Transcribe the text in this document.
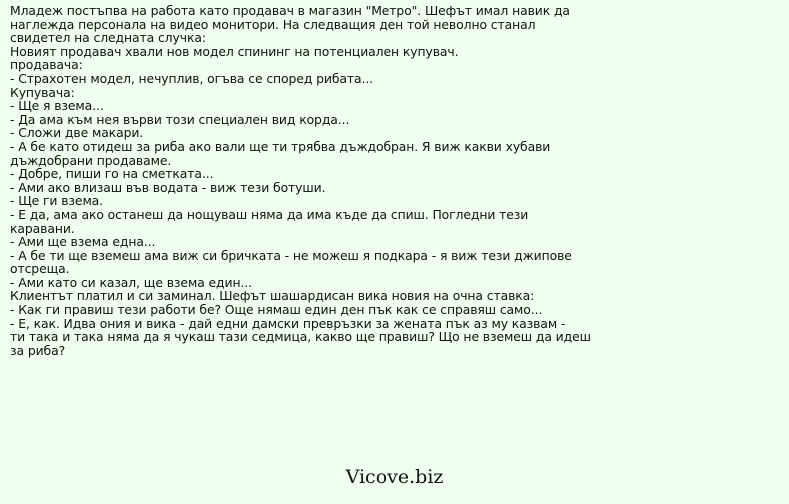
Младеж постъпва на работа като продавач в магазин "Метро". Шефът имал навик да
наглежда персонала на видео монитори. На следващия ден той неволно станал
свидетел на следната случка:
Новият продавач хвали нов модел спининг на потенциален купувач.
продавача:
- Страхотен модел, нечуплив, огъва се според рибата...
Купувача:
- Ще я взема...
- Да ама към нея върви този специален вид корда...
- Сложи две макари.
- А бе като отидеш за риба ако вали ще ти трябва дъждобран. Я виж какви хубави
дъждобрани продаваме.
- Добре, пиши го на сметката...
- Ами ако влизаш във водата - виж тези ботуши.
- Ще ги взема.
- Е да, ама ако останеш да нощуваш няма да има къде да спиш. Погледни тези
каравани.
- Ами ще взема една...
- А бе ти ще вземеш ама виж си бричката - не можеш я подкара - я виж тези джипове
отсреща.
- Ами като си казал, ще взема един...
Клиентът платил и си заминал. Шефът шашардисан вика новия на очна ставка:
- Как ги правиш тези работи бе? Още нямаш един ден пък как се справяш само...
- Е, как. Идва ония и вика - дай едни дамски превръзки за жената пък аз му казвам -
ти така и така няма да я чукаш тази седмица, какво ще правиш? Що не вземеш да идеш
за риба?
Vicove.biz
